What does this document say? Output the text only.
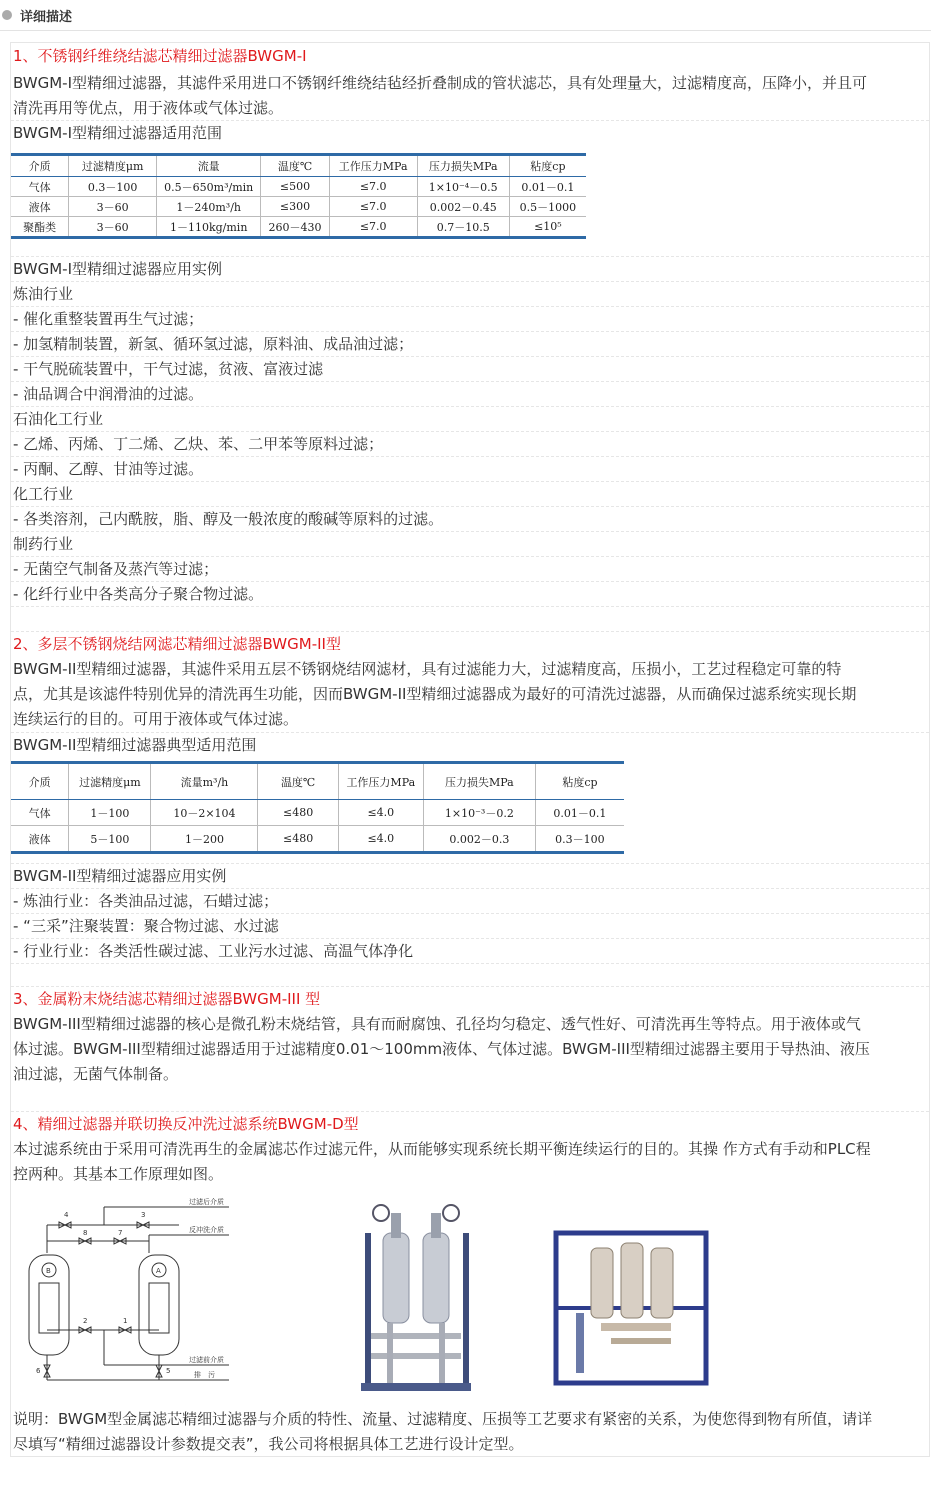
详细描述
1、不锈钢纤维绕结滤芯精细过滤器BWGM-I

BWGM-I型精细过滤器，其滤件采用进口不锈钢纤维绕结毡经折叠制成的管状滤芯，具有处理量大，过滤精度高，压降小，并且可

清洗再用等优点，用于液体或气体过滤。

BWGM-I型精细过滤器适用范围
介质	过滤精度μm	流量	温度℃	工作压力MPa	压力损失MPa	粘度cp
气体	0.3－100	0.5－650m³/min	≤500	≤7.0	1×10⁻⁴－0.5	0.01－0.1
液体	3－60	1－240m³/h	≤300	≤7.0	0.002－0.45	0.5－1000
聚酯类	3－60	1－110kg/min	260－430	≤7.0	0.7－10.5	≤10⁵
BWGM-I型精细过滤器应用实例
炼油行业
- 催化重整装置再生气过滤；
- 加氢精制装置，新氢、循环氢过滤，原料油、成品油过滤；
- 干气脱硫装置中，干气过滤，贫液、富液过滤
- 油品调合中润滑油的过滤。
石油化工行业
- 乙烯、丙烯、丁二烯、乙炔、苯、二甲苯等原料过滤；
- 丙酮、乙醇、甘油等过滤。
化工行业
- 各类溶剂，己内酰胺，脂、醇及一般浓度的酸碱等原料的过滤。
制药行业
- 无菌空气制备及蒸汽等过滤；
- 化纤行业中各类高分子聚合物过滤。
2、多层不锈钢烧结网滤芯精细过滤器BWGM-II型

BWGM-II型精细过滤器，其滤件采用五层不锈钢烧结网滤材，具有过滤能力大，过滤精度高，压损小，工艺过程稳定可靠的特

点，尤其是该滤件特别优异的清洗再生功能，因而BWGM-II型精细过滤器成为最好的可清洗过滤器，从而确保过滤系统实现长期

连续运行的目的。可用于液体或气体过滤。

BWGM-II型精细过滤器典型适用范围
介质	过滤精度μm	流量m³/h	温度℃	工作压力MPa	压力损失MPa	粘度cp
气体	1－100	10－2×104	≤480	≤4.0	1×10⁻³－0.2	0.01－0.1
液体	5－100	1－200	≤480	≤4.0	0.002－0.3	0.3－100
BWGM-II型精细过滤器应用实例
- 炼油行业：各类油品过滤，石蜡过滤；
- “三采”注聚装置：聚合物过滤、水过滤
- 行业行业：各类活性碳过滤、工业污水过滤、高温气体净化
3、金属粉末烧结滤芯精细过滤器BWGM-III 型

BWGM-III型精细过滤器的核心是微孔粉末烧结管，具有而耐腐蚀、孔径均匀稳定、透气性好、可清洗再生等特点。用于液体或气

体过滤。BWGM-III型精细过滤器适用于过滤精度0.01～100mm液体、气体过滤。BWGM-III型精细过滤器主要用于导热油、液压

油过滤，无菌气体制备。

4、精细过滤器并联切换反冲洗过滤系统BWGM-D型

本过滤系统由于采用可清洗再生的金属滤芯作过滤元件，从而能够实现系统长期平衡连续运行的目的。其操 作方式有手动和PLC程

控两种。其基本工作原理如图。

4	3
8	7
2	1
6	5
B	A
过滤后介质
反冲洗介质
过滤前介质
排　污

说明：BWGM型金属滤芯精细过滤器与介质的特性、流量、过滤精度、压损等工艺要求有紧密的关系，为使您得到物有所值，请详

尽填写“精细过滤器设计参数提交表”，我公司将根据具体工艺进行设计定型。
